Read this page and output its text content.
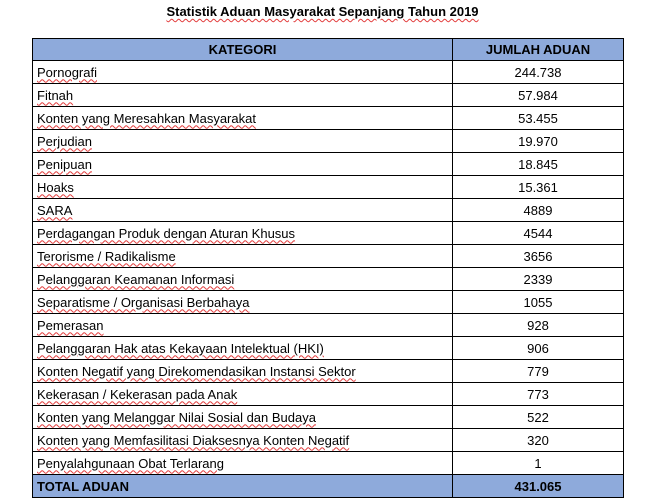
Statistik Aduan Masyarakat Sepanjang Tahun 2019
KATEGORI	JUMLAH ADUAN
Pornografi	244.738
Fitnah	57.984
Konten yang Meresahkan Masyarakat	53.455
Perjudian	19.970
Penipuan	18.845
Hoaks	15.361
SARA	4889
Perdagangan Produk dengan Aturan Khusus	4544
Terorisme / Radikalisme	3656
Pelanggaran Keamanan Informasi	2339
Separatisme / Organisasi Berbahaya	1055
Pemerasan	928
Pelanggaran Hak atas Kekayaan Intelektual (HKI)	906
Konten Negatif yang Direkomendasikan Instansi Sektor	779
Kekerasan / Kekerasan pada Anak	773
Konten yang Melanggar Nilai Sosial dan Budaya	522
Konten yang Memfasilitasi Diaksesnya Konten Negatif	320
Penyalahgunaan Obat Terlarang	1
TOTAL ADUAN	431.065
